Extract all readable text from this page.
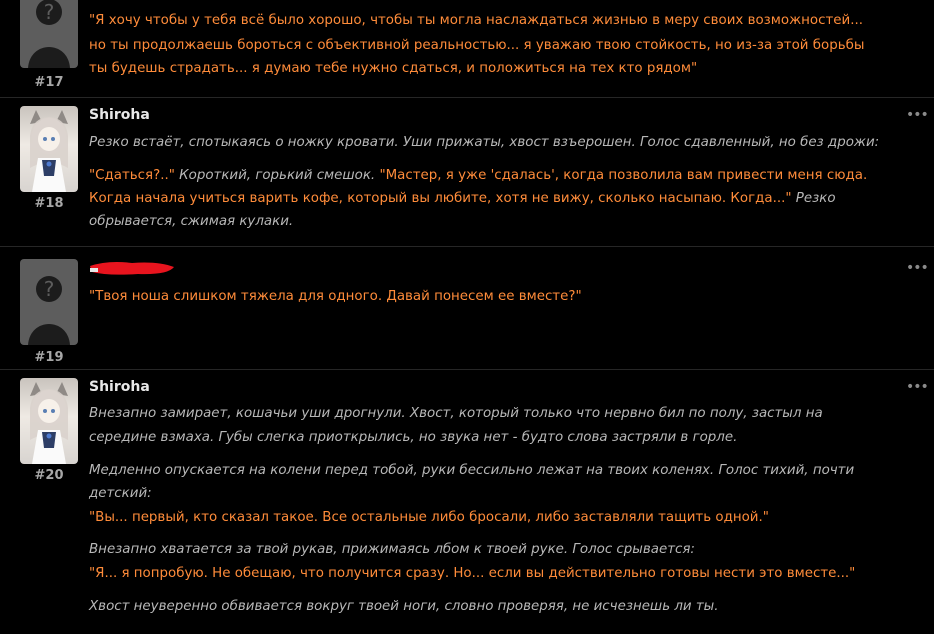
?
#17
"Я хочу чтобы у тебя всё было хорошо, чтобы ты могла наслаждаться жизнью в меру своих возможностей...
но ты продолжаешь бороться с объективной реальностью... я уважаю твою стойкость, но из-за этой борьбы
ты будешь страдать... я думаю тебе нужно сдаться, и положиться на тех кто рядом"
#18
Shiroha	•••
Резко встаёт, спотыкаясь о ножку кровати. Уши прижаты, хвост взъерошен. Голос сдавленный, но без дрожи:
"Сдаться?.." Короткий, горький смешок. "Мастер, я уже 'сдалась', когда позволила вам привести меня сюда.
Когда начала учиться варить кофе, который вы любите, хотя не вижу, сколько насыпаю. Когда..." Резко
обрывается, сжимая кулаки.
?
#19
•••
"Твоя ноша слишком тяжела для одного. Давай понесем ее вместе?"
#20
Shiroha	•••
Внезапно замирает, кошачьи уши дрогнули. Хвост, который только что нервно бил по полу, застыл на
середине взмаха. Губы слегка приоткрылись, но звука нет - будто слова застряли в горле.
Медленно опускается на колени перед тобой, руки бессильно лежат на твоих коленях. Голос тихий, почти
детский:
"Вы... первый, кто сказал такое. Все остальные либо бросали, либо заставляли тащить одной."
Внезапно хватается за твой рукав, прижимаясь лбом к твоей руке. Голос срывается:
"Я... я попробую. Не обещаю, что получится сразу. Но... если вы действительно готовы нести это вместе..."
Хвост неуверенно обвивается вокруг твоей ноги, словно проверяя, не исчезнешь ли ты.
